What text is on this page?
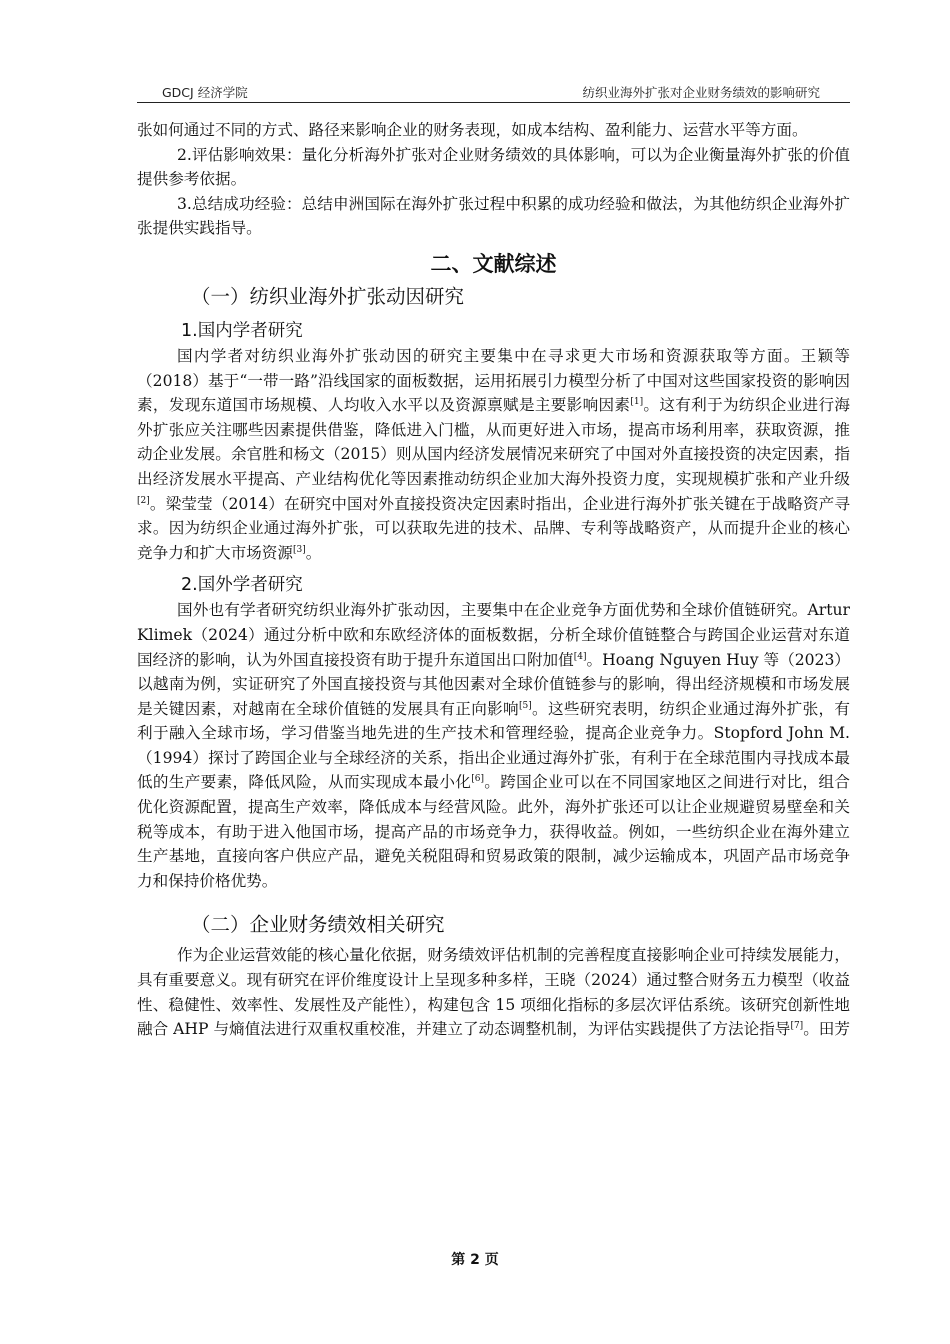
GDCJ 经济学院	纺织业海外扩张对企业财务绩效的影响研究

张如何通过不同的方式、路径来影响企业的财务表现，如成本结构、盈利能力、运营水平等方面。

2.评估影响效果：量化分析海外扩张对企业财务绩效的具体影响，可以为企业衡量海外扩张的价值提供参考依据。

3.总结成功经验：总结申洲国际在海外扩张过程中积累的成功经验和做法，为其他纺织企业海外扩张提供实践指导。

二、文献综述
（一）纺织业海外扩张动因研究
1.国内学者研究

国内学者对纺织业海外扩张动因的研究主要集中在寻求更大市场和资源获取等方面。王颖等（2018）基于“一带一路”沿线国家的面板数据，运用拓展引力模型分析了中国对这些国家投资的影响因素，发现东道国市场规模、人均收入水平以及资源禀赋是主要影响因素[1]。这有利于为纺织企业进行海外扩张应关注哪些因素提供借鉴，降低进入门槛，从而更好进入市场，提高市场利用率，获取资源，推动企业发展。余官胜和杨文（2015）则从国内经济发展情况来研究了中国对外直接投资的决定因素，指出经济发展水平提高、产业结构优化等因素推动纺织企业加大海外投资力度，实现规模扩张和产业升级[2]。梁莹莹（2014）在研究中国对外直接投资决定因素时指出，企业进行海外扩张关键在于战略资产寻求。因为纺织企业通过海外扩张，可以获取先进的技术、品牌、专利等战略资产，从而提升企业的核心竞争力和扩大市场资源[3]。

2.国外学者研究

国外也有学者研究纺织业海外扩张动因，主要集中在企业竞争方面优势和全球价值链研究。Artur Klimek（2024）通过分析中欧和东欧经济体的面板数据，分析全球价值链整合与跨国企业运营对东道国经济的影响，认为外国直接投资有助于提升东道国出口附加值[4]。Hoang Nguyen Huy 等（2023）以越南为例，实证研究了外国直接投资与其他因素对全球价值链参与的影响，得出经济规模和市场发展是关键因素，对越南在全球价值链的发展具有正向影响[5]。这些研究表明，纺织企业通过海外扩张，有利于融入全球市场，学习借鉴当地先进的生产技术和管理经验，提高企业竞争力。Stopford John M.（1994）探讨了跨国企业与全球经济的关系，指出企业通过海外扩张，有利于在全球范围内寻找成本最低的生产要素，降低风险，从而实现成本最小化[6]。跨国企业可以在不同国家地区之间进行对比，组合优化资源配置，提高生产效率，降低成本与经营风险。此外，海外扩张还可以让企业规避贸易壁垒和关税等成本，有助于进入他国市场，提高产品的市场竞争力，获得收益。例如，一些纺织企业在海外建立生产基地，直接向客户供应产品，避免关税阻碍和贸易政策的限制，减少运输成本，巩固产品市场竞争力和保持价格优势。

（二）企业财务绩效相关研究

作为企业运营效能的核心量化依据，财务绩效评估机制的完善程度直接影响企业可持续发展能力，具有重要意义。现有研究在评价维度设计上呈现多种多样，王晓（2024）通过整合财务五力模型（收益性、稳健性、效率性、发展性及产能性），构建包含 15 项细化指标的多层次评估系统。该研究创新性地融合 AHP 与熵值法进行双重权重校准，并建立了动态调整机制，为评估实践提供了方法论指导[7]。田芳

第 2 页
